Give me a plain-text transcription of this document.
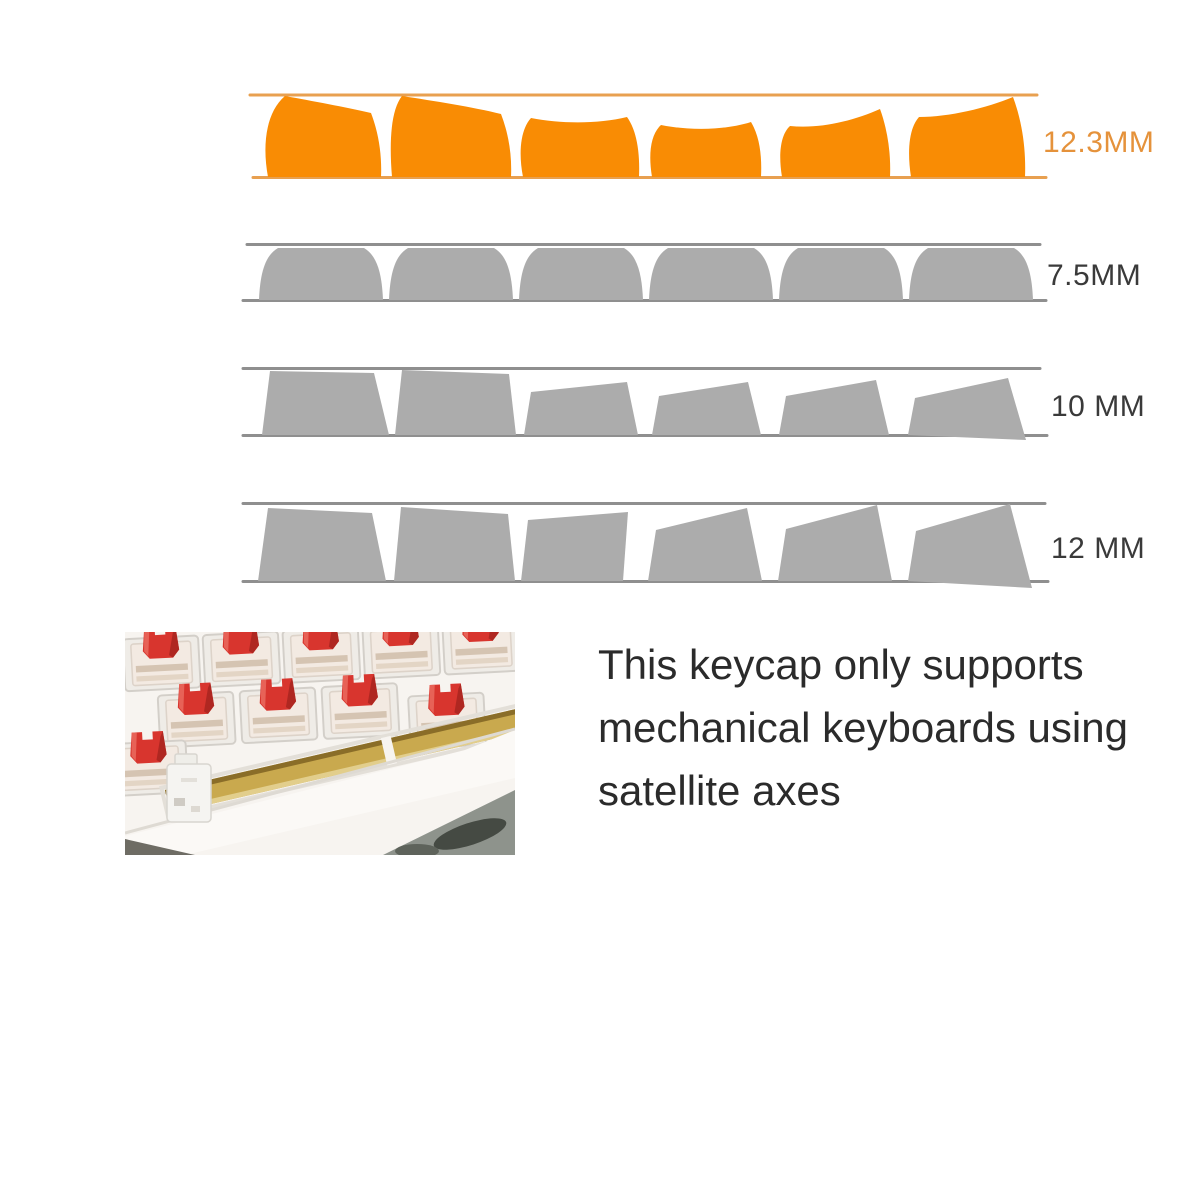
12.3MM
7.5MM
10 MM
12 MM
This keycap only supports
mechanical keyboards using
satellite axes
